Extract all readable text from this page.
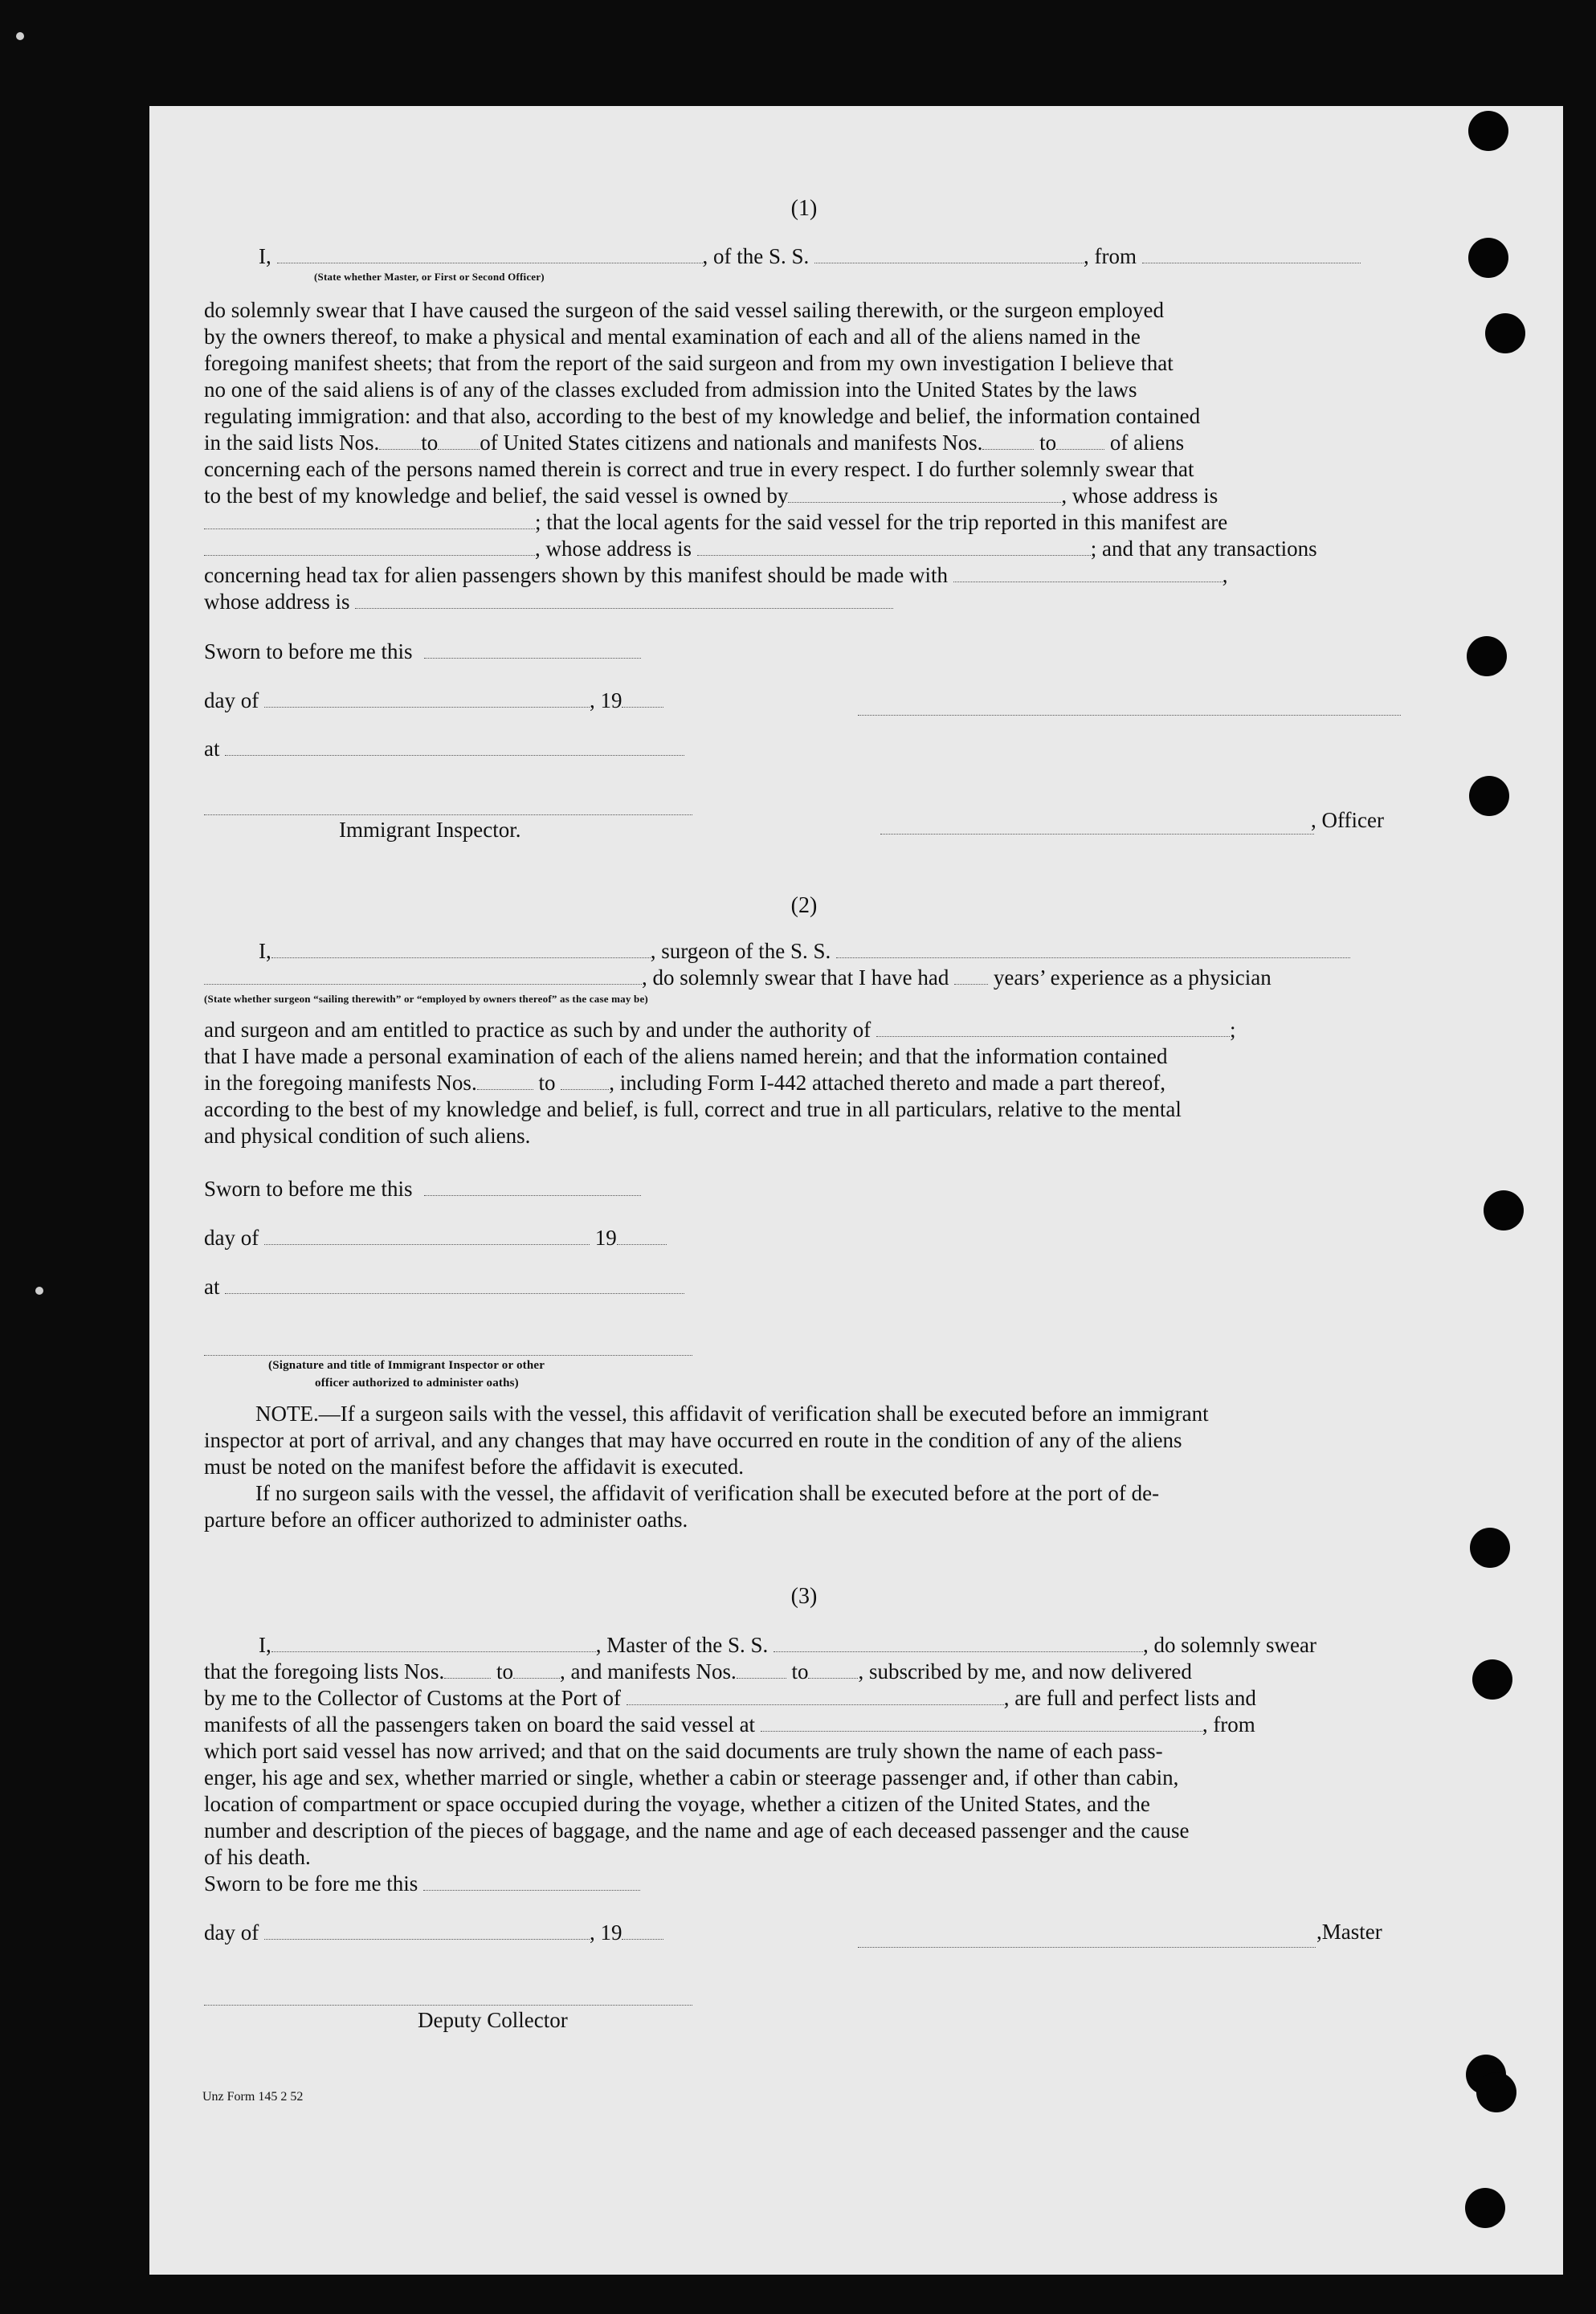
(1)
I,	, of the S. S.	, from
(State whether Master, or First or Second Officer)
do solemnly swear that I have caused the surgeon of the said vessel sailing therewith, or the surgeon employed
by the owners thereof, to make a physical and mental examination of each and all of the aliens named in the
foregoing manifest sheets; that from the report of the said surgeon and from my own investigation I believe that
no one of the said aliens is of any of the classes excluded from admission into the United States by the laws
regulating immigration: and that also, according to the best of my knowledge and belief, the information contained
in the said lists Nos. to of United States citizens and nationals and manifests Nos.	to of aliens
concerning each of the persons named therein is correct and true in every respect. I do further solemnly swear that
to the best of my knowledge and belief, the said vessel is owned by	, whose address is
; that the local agents for the said vessel for the trip reported in this manifest are
, whose address is	; and that any transactions
concerning head tax for alien passengers shown by this manifest should be made with	,
whose address is
Sworn to before me this
day of	, 19
at
Immigrant Inspector.	, Officer
(2)
I,	, surgeon of the S. S.
, do solemnly swear that I have had years’ experience as a physician
(State whether surgeon “sailing therewith” or “employed by owners thereof” as the case may be)
and surgeon and am entitled to practice as such by and under the authority of	;
that I have made a personal examination of each of the aliens named herein; and that the information contained
in the foregoing manifests Nos.	to , including Form I-442 attached thereto and made a part thereof,
according to the best of my knowledge and belief, is full, correct and true in all particulars, relative to the mental
and physical condition of such aliens.
Sworn to before me this
day of	19
at
(Signature and title of Immigrant Inspector or other
officer authorized to administer oaths)
NOTE.—If a surgeon sails with the vessel, this affidavit of verification shall be executed before an immigrant
inspector at port of arrival, and any changes that may have occurred en route in the condition of any of the aliens
must be noted on the manifest before the affidavit is executed.
If no surgeon sails with the vessel, the affidavit of verification shall be executed before at the port of de-
parture before an officer authorized to administer oaths.
(3)
I,	, Master of the S. S.	, do solemnly swear
that the foregoing lists Nos. to , and manifests Nos.	to , subscribed by me, and now delivered
by me to the Collector of Customs at the Port of	, are full and perfect lists and
manifests of all the passengers taken on board the said vessel at	, from
which port said vessel has now arrived; and that on the said documents are truly shown the name of each pass-
enger, his age and sex, whether married or single, whether a cabin or steerage passenger and, if other than cabin,
location of compartment or space occupied during the voyage, whether a citizen of the United States, and the
number and description of the pieces of baggage, and the name and age of each deceased passenger and the cause
of his death.
Sworn to be fore me this
day of	, 19	,Master
Deputy Collector
Unz Form 145 2 52
